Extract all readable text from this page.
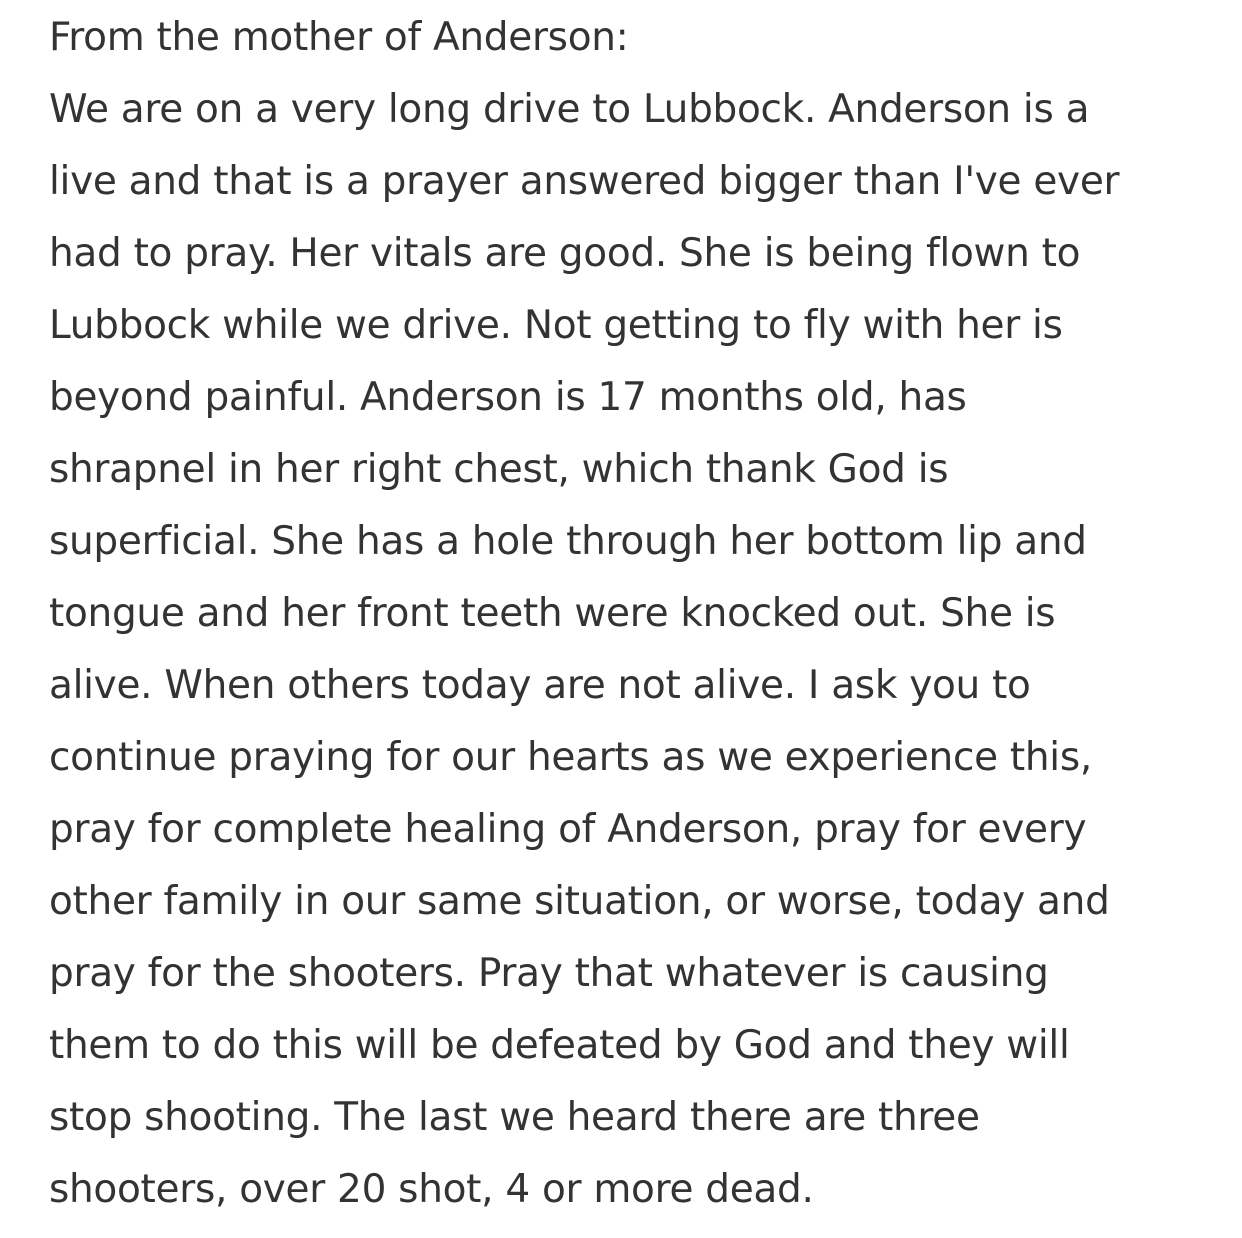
From the mother of Anderson:
We are on a very long drive to Lubbock. Anderson is a
live and that is a prayer answered bigger than I've ever
had to pray. Her vitals are good. She is being flown to
Lubbock while we drive. Not getting to fly with her is
beyond painful. Anderson is 17 months old, has
shrapnel in her right chest, which thank God is
superficial. She has a hole through her bottom lip and
tongue and her front teeth were knocked out. She is
alive. When others today are not alive. I ask you to
continue praying for our hearts as we experience this,
pray for complete healing of Anderson, pray for every
other family in our same situation, or worse, today and
pray for the shooters. Pray that whatever is causing
them to do this will be defeated by God and they will
stop shooting. The last we heard there are three
shooters, over 20 shot, 4 or more dead.
